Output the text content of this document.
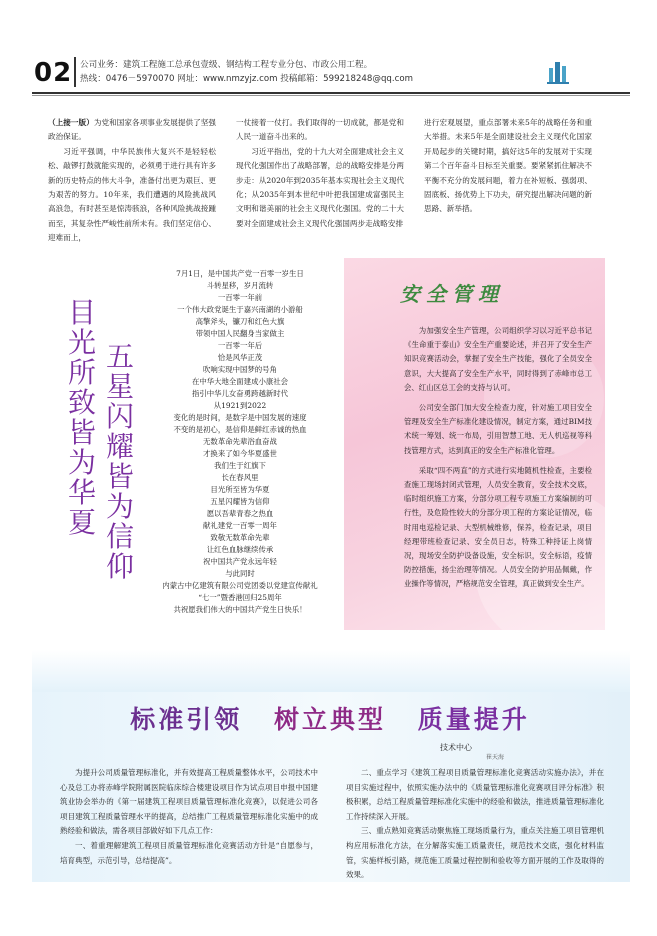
02 公司业务：建筑工程施工总承包壹级、钢结构工程专业分包、市政公用工程。
热线：0476－5970070 网址：www.nmzyjz.com 投稿邮箱：599218248@qq.com

（上接一版）为党和国家各项事业发展提供了坚强政治保证。

习近平强调，中华民族伟大复兴不是轻轻松松、敲锣打鼓就能实现的，必须勇于进行具有许多新的历史特点的伟大斗争，准备付出更为艰巨、更为艰苦的努力。10年来，我们遭遇的风险挑战风高浪急，有时甚至是惊涛骇浪，各种风险挑战接踵而至，其复杂性严峻性前所未有。我们坚定信心、迎难而上，

一仗接着一仗打。我们取得的一切成就，都是党和人民一道奋斗出来的。

习近平指出，党的十九大对全面建成社会主义现代化强国作出了战略部署，总的战略安排是分两步走：从2020年到2035年基本实现社会主义现代化；从2035年到本世纪中叶把我国建成富强民主文明和谐美丽的社会主义现代化强国。党的二十大要对全面建成社会主义现代化强国两步走战略安排

进行宏观展望，重点部署未来5年的战略任务和重大举措。未来5年是全面建设社会主义现代化国家开局起步的关键时期，搞好这5年的发展对于实现第二个百年奋斗目标至关重要。要紧紧抓住解决不平衡不充分的发展问题，着力在补短板、强弱项、固底板、扬优势上下功夫，研究提出解决问题的新思路、新举措。

目光所致皆为华夏
五星闪耀皆为信仰
7月1日，是中国共产党一百零一岁生日
斗转星移，岁月流转
一百零一年前
一个伟大政党诞生于嘉兴南湖的小游船
高擎斧头，镰刀和红色大旗
带领中国人民翻身当家做主
一百零一年后
恰是风华正茂
吹响实现中国梦的号角
在中华大地全面建成小康社会
指引中华儿女奋勇跨越新时代
从1921到2022
变化的是时间，是数字是中国发展的速度
不变的是初心，是信仰是鲜红赤诚的热血
无数革命先辈浴血奋战
才换来了如今华夏盛世
我们生于红旗下
长在春风里
目光所至皆为华夏
五星闪耀皆为信仰
愿以吾辈青春之热血
献礼建党一百零一周年
致敬无数革命先辈
让红色血脉继续传承
祝中国共产党永远年轻
与此同时
内蒙古中亿建筑有限公司党团委以党建宣传献礼
“七一”暨香港回归25周年
共祝愿我们伟大的中国共产党生日快乐！
安全管理

为加强安全生产管理，公司组织学习以习近平总书记《生命重于泰山》安全生产重要论述，并召开了安全生产知识竞赛活动会，掌握了安全生产技能，强化了全员安全意识，大大提高了安全生产水平，同时得到了赤峰市总工会、红山区总工会的支持与认可。

公司安全部门加大安全检查力度，针对施工项目安全管理及安全生产标准化建设情况，制定方案，通过BIM技术统一筹划、统一布局，引用智慧工地、无人机巡视等科技管理方式，达到真正的安全生产标准化管理。

采取“四不两直”的方式进行实地随机性检查，主要检查施工现场封闭式管理，人员安全教育，安全技术交底，临时组织施工方案，分部分项工程专项施工方案编制的可行性，及危险性较大的分部分项工程的方案论证情况，临时用电巡检记录、大型机械维修，保养，检查记录，项目经理带班检查记录、安全员日志，特殊工种持证上岗情况，现场安全防护设备设施，安全标识，安全标语，疫情防控措施，扬尘治理等情况。人员安全防护用品佩戴，作业操作等情况，严格规范安全管理，真正做到安全生产。

标准引领 树立典型 质量提升
技术中心
崔天海

为提升公司质量管理标准化，并有效提高工程质量整体水平，公司技术中心及总工办将赤峰学院附属医院临床综合楼建设项目作为试点项目申报中国建筑业协会举办的《第一届建筑工程项目质量管理标准化竞赛》，以促进公司各项目建筑工程质量管理水平的提高，总结推广工程质量管理标准化实施中的成熟经验和做法，需各项目部做好如下几点工作：

一、着重理解建筑工程项目质量管理标准化竞赛活动方针是“自愿参与，培育典型，示范引导，总结提高”。

二、重点学习《建筑工程项目质量管理标准化竞赛活动实施办法》，并在项目实施过程中，依照实施办法中的《质量管理标准化竞赛项目评分标准》积极积累，总结工程质量管理标准化实施中的经验和做法，推进质量管理标准化工作持续深入开展。

三、重点熟知竞赛活动聚焦施工现场质量行为，重点关注施工项目管理机构应用标准化方法，在分解落实施工质量责任，规范技术交底，强化材料监管，实施样板引路，规范施工质量过程控制和验收等方面开展的工作及取得的效果。
